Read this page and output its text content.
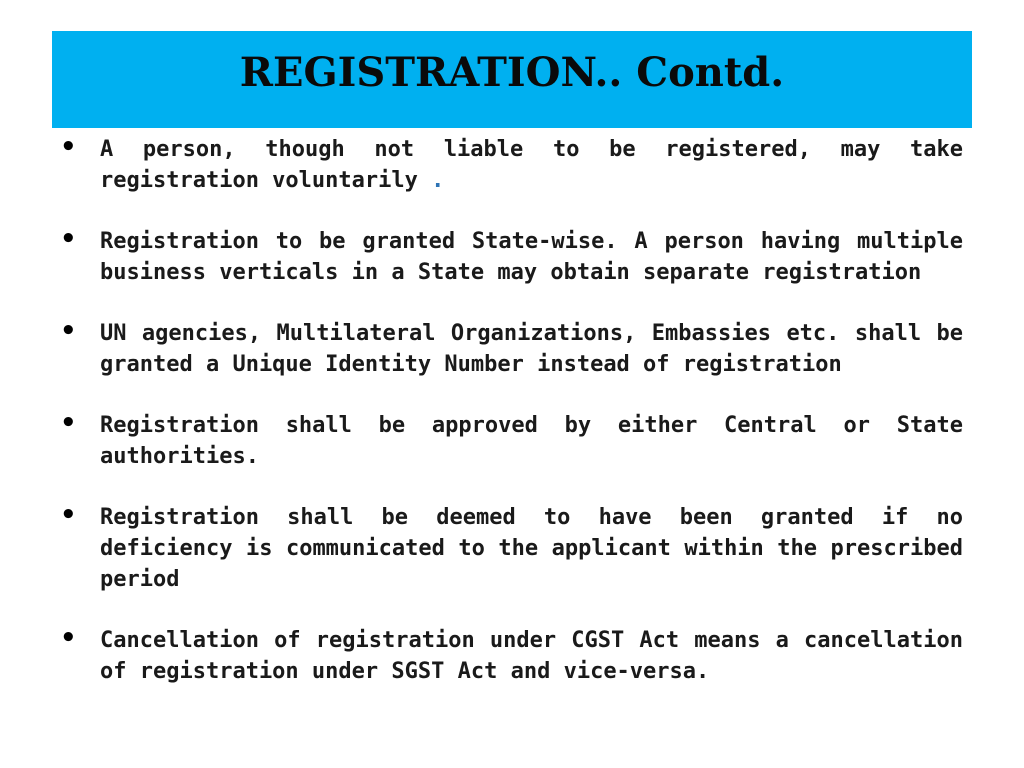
REGISTRATION.. Contd.
• A person, though not liable to be registered, may take registration voluntarily .
• Registration to be granted State-wise. A person having multiple business verticals in a State may obtain separate registration
• UN agencies, Multilateral Organizations, Embassies etc. shall be granted a Unique Identity Number instead of registration
• Registration shall be approved by either Central or State authorities.
• Registration shall be deemed to have been granted if no deficiency is communicated to the applicant within the prescribed period
• Cancellation of registration under CGST Act means a cancellation of registration under SGST Act and vice-versa.
